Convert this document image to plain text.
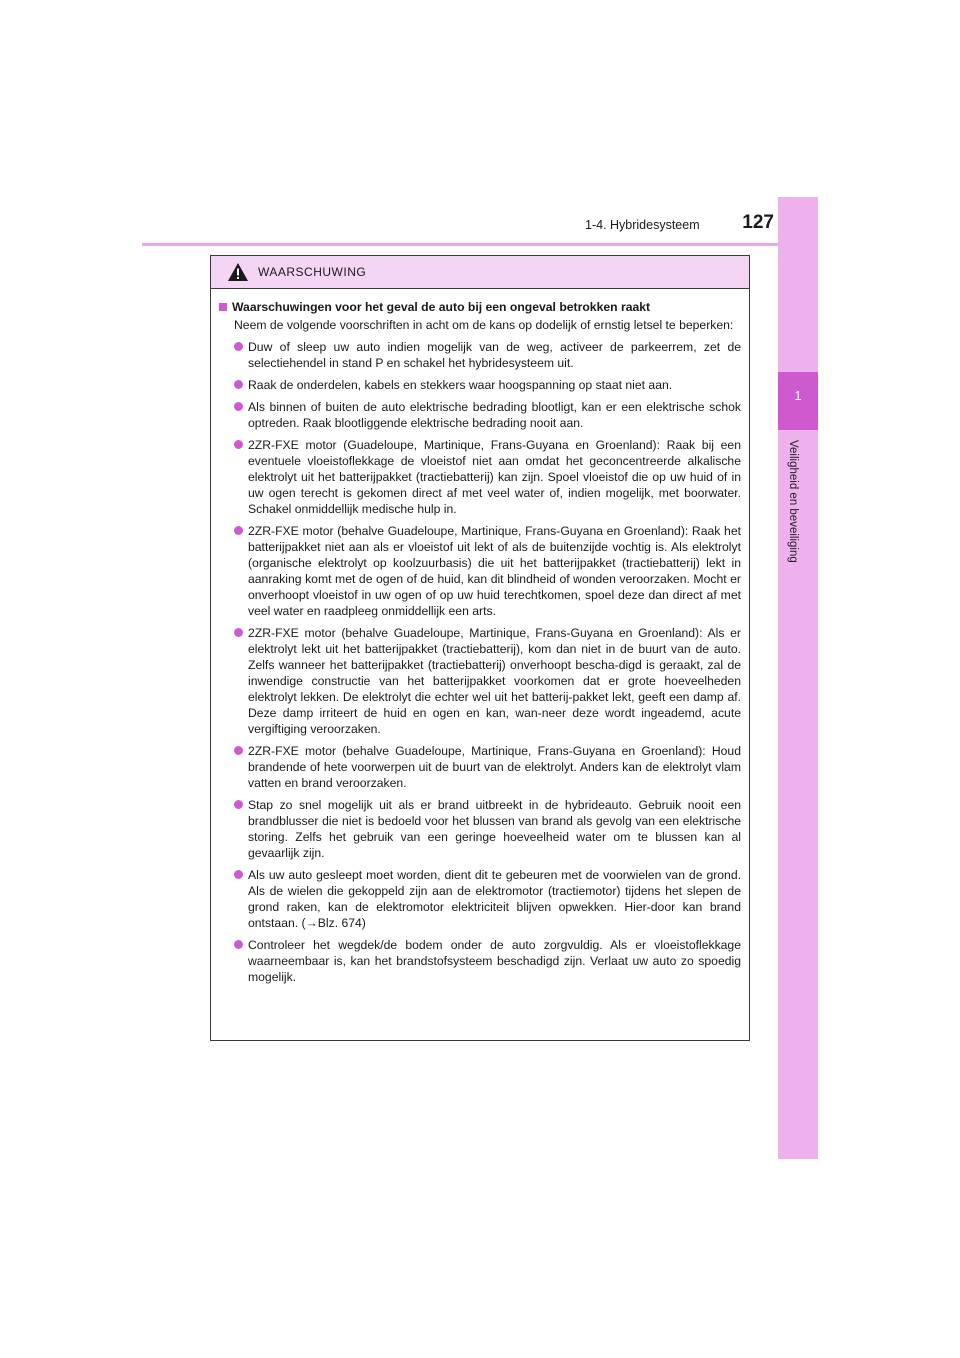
1-4. Hybridesysteem	127
1
Veiligheid en beveiliging
WAARSCHUWING
Waarschuwingen voor het geval de auto bij een ongeval betrokken raakt
Neem de volgende voorschriften in acht om de kans op dodelijk of ernstig letsel te beperken:
Duw of sleep uw auto indien mogelijk van de weg, activeer de parkeerrem, zet de selectiehendel in stand P en schakel het hybridesysteem uit.
Raak de onderdelen, kabels en stekkers waar hoogspanning op staat niet aan.
Als binnen of buiten de auto elektrische bedrading blootligt, kan er een elektrische schok optreden. Raak blootliggende elektrische bedrading nooit aan.
2ZR-FXE motor (Guadeloupe, Martinique, Frans-Guyana en Groenland): Raak bij een eventuele vloeistoflekkage de vloeistof niet aan omdat het geconcentreerde alkalische elektrolyt uit het batterijpakket (tractiebatterij) kan zijn. Spoel vloeistof die op uw huid of in uw ogen terecht is gekomen direct af met veel water of, indien mogelijk, met boorwater. Schakel onmiddellijk medische hulp in.
2ZR-FXE motor (behalve Guadeloupe, Martinique, Frans-Guyana en Groenland): Raak het batterijpakket niet aan als er vloeistof uit lekt of als de buitenzijde vochtig is. Als elektrolyt (organische elektrolyt op koolzuurbasis) die uit het batterijpakket (tractiebatterij) lekt in aanraking komt met de ogen of de huid, kan dit blindheid of wonden veroorzaken. Mocht er onverhoopt vloeistof in uw ogen of op uw huid terechtkomen, spoel deze dan direct af met veel water en raadpleeg onmiddellijk een arts.
2ZR-FXE motor (behalve Guadeloupe, Martinique, Frans-Guyana en Groenland): Als er elektrolyt lekt uit het batterijpakket (tractiebatterij), kom dan niet in de buurt van de auto. Zelfs wanneer het batterijpakket (tractiebatterij) onverhoopt bescha-digd is geraakt, zal de inwendige constructie van het batterijpakket voorkomen dat er grote hoeveelheden elektrolyt lekken. De elektrolyt die echter wel uit het batterij-pakket lekt, geeft een damp af. Deze damp irriteert de huid en ogen en kan, wan-neer deze wordt ingeademd, acute vergiftiging veroorzaken.
2ZR-FXE motor (behalve Guadeloupe, Martinique, Frans-Guyana en Groenland): Houd brandende of hete voorwerpen uit de buurt van de elektrolyt. Anders kan de elektrolyt vlam vatten en brand veroorzaken.
Stap zo snel mogelijk uit als er brand uitbreekt in de hybrideauto. Gebruik nooit een brandblusser die niet is bedoeld voor het blussen van brand als gevolg van een elektrische storing. Zelfs het gebruik van een geringe hoeveelheid water om te blussen kan al gevaarlijk zijn.
Als uw auto gesleept moet worden, dient dit te gebeuren met de voorwielen van de grond. Als de wielen die gekoppeld zijn aan de elektromotor (tractiemotor) tijdens het slepen de grond raken, kan de elektromotor elektriciteit blijven opwekken. Hier-door kan brand ontstaan. (→Blz. 674)
Controleer het wegdek/de bodem onder de auto zorgvuldig. Als er vloeistoflekkage waarneembaar is, kan het brandstofsysteem beschadigd zijn. Verlaat uw auto zo spoedig mogelijk.
